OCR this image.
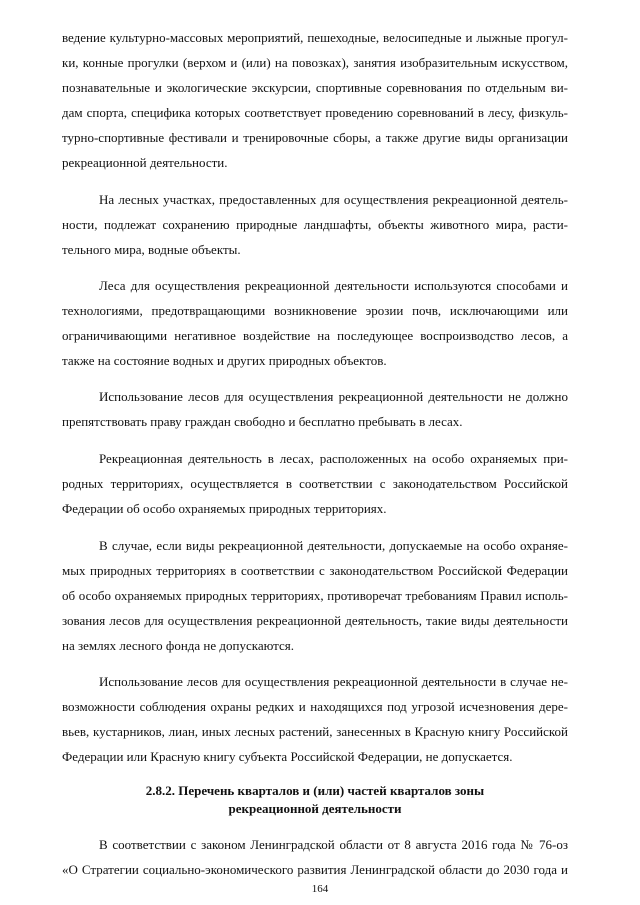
ведение культурно-массовых мероприятий, пешеходные, велосипедные и лыжные прогул-
ки, конные прогулки (верхом и (или) на повозках), занятия изобразительным искусством,
познавательные и экологические экскурсии, спортивные соревнования по отдельным ви-
дам спорта, специфика которых соответствует проведению соревнований в лесу, физкуль-
турно-спортивные фестивали и тренировочные сборы, а также другие виды организации
рекреационной деятельности.
На лесных участках, предоставленных для осуществления рекреационной деятель-
ности, подлежат сохранению природные ландшафты, объекты животного мира, расти-
тельного мира, водные объекты.
Леса для осуществления рекреационной деятельности используются способами и
технологиями, предотвращающими возникновение эрозии почв, исключающими или
ограничивающими негативное воздействие на последующее воспроизводство лесов, а
также на состояние водных и других природных объектов.
Использование лесов для осуществления рекреационной деятельности не должно
препятствовать праву граждан свободно и бесплатно пребывать в лесах.
Рекреационная деятельность в лесах, расположенных на особо охраняемых при-
родных территориях, осуществляется в соответствии с законодательством Российской
Федерации об особо охраняемых природных территориях.
В случае, если виды рекреационной деятельности, допускаемые на особо охраняе-
мых природных территориях в соответствии с законодательством Российской Федерации
об особо охраняемых природных территориях, противоречат требованиям Правил исполь-
зования лесов для осуществления рекреационной деятельность, такие виды деятельности
на землях лесного фонда не допускаются.
Использование лесов для осуществления рекреационной деятельности в случае не-
возможности соблюдения охраны редких и находящихся под угрозой исчезновения дере-
вьев, кустарников, лиан, иных лесных растений, занесенных в Красную книгу Российской
Федерации или Красную книгу субъекта Российской Федерации, не допускается.
2.8.2. Перечень кварталов и (или) частей кварталов зоны
рекреационной деятельности
164
В соответствии с законом Ленинградской области от 8 августа 2016 года № 76-оз
«О Стратегии социально-экономического развития Ленинградской области до 2030 года и
